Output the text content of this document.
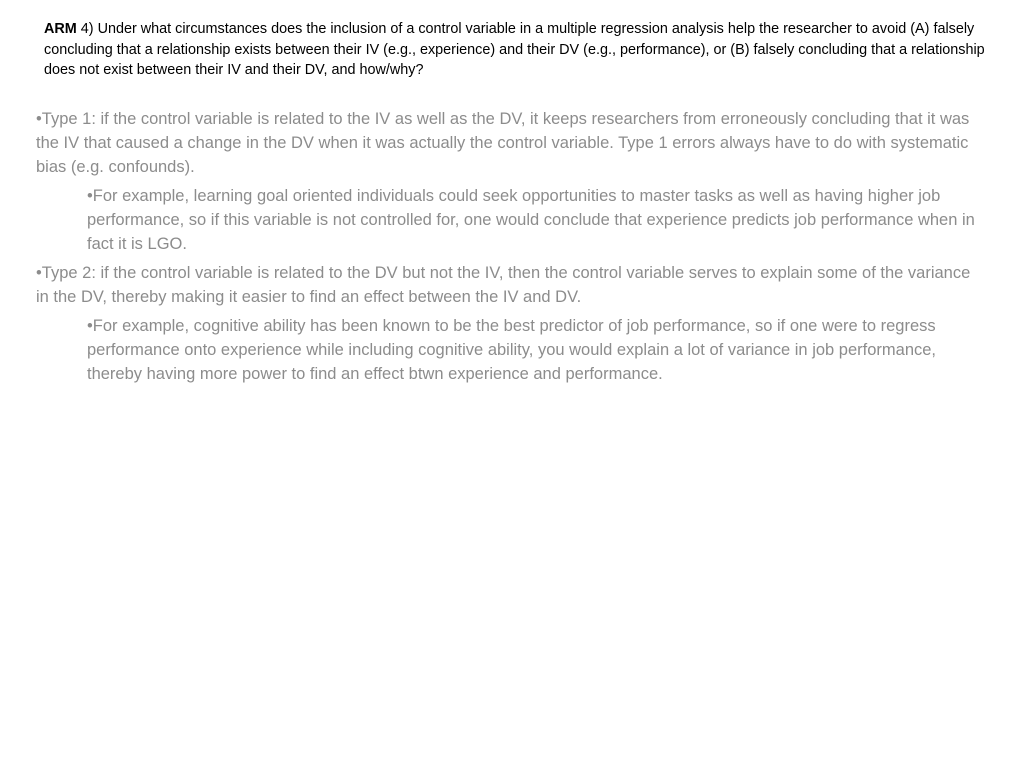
ARM 4) Under what circumstances does the inclusion of a control variable in a multiple regression analysis help the researcher to avoid (A) falsely concluding that a relationship exists between their IV (e.g., experience) and their DV (e.g., performance), or (B) falsely concluding that a relationship does not exist between their IV and their DV, and how/why?

•Type 1: if the control variable is related to the IV as well as the DV, it keeps researchers from erroneously concluding that it was the IV that caused a change in the DV when it was actually the control variable. Type 1 errors always have to do with systematic bias (e.g. confounds).

•For example, learning goal oriented individuals could seek opportunities to master tasks as well as having higher job performance, so if this variable is not controlled for, one would conclude that experience predicts job performance when in fact it is LGO.

•Type 2: if the control variable is related to the DV but not the IV, then the control variable serves to explain some of the variance in the DV, thereby making it easier to find an effect between the IV and DV.

•For example, cognitive ability has been known to be the best predictor of job performance, so if one were to regress performance onto experience while including cognitive ability, you would explain a lot of variance in job performance, thereby having more power to find an effect btwn experience and performance.
